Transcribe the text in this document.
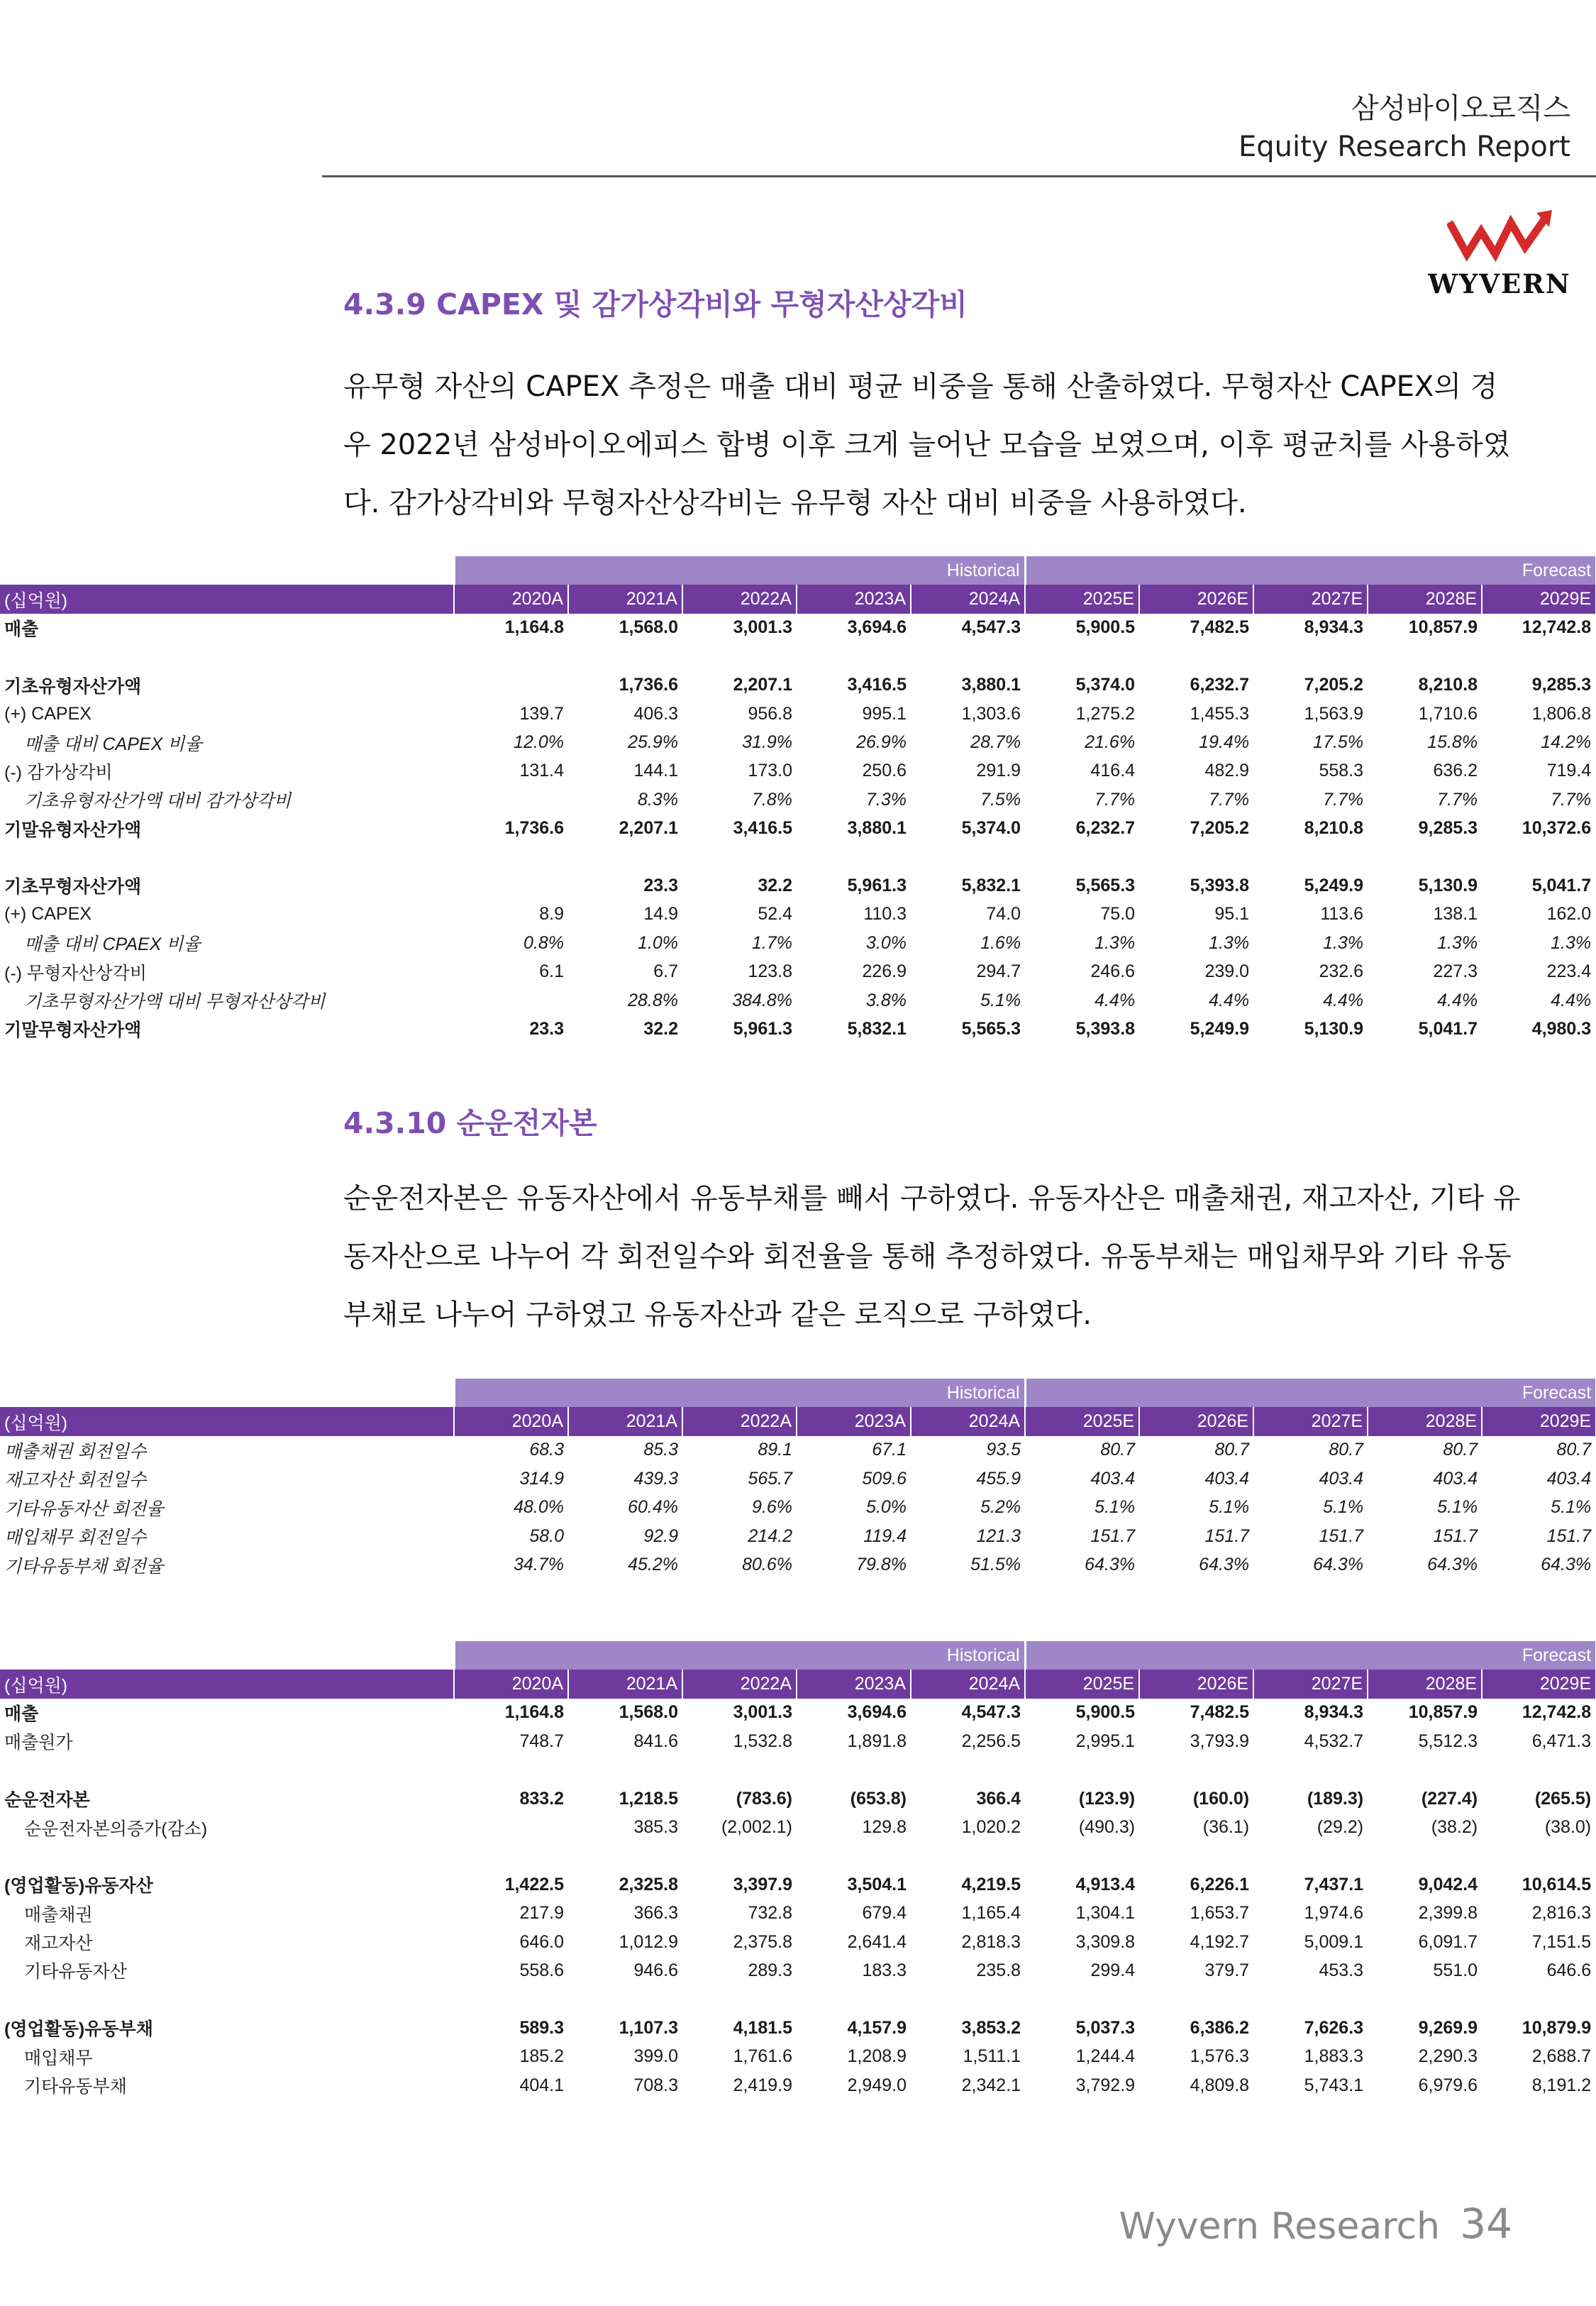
삼성바이오로직스
Equity Research Report
WYVERN
4.3.9 CAPEX 및 감가상각비와 무형자산상각비

유무형 자산의 CAPEX 추정은 매출 대비 평균 비중을 통해 산출하였다. 무형자산 CAPEX의 경우 2022년 삼성바이오에피스 합병 이후 크게 늘어난 모습을 보였으며, 이후 평균치를 사용하였다. 감가상각비와 무형자산상각비는 유무형 자산 대비 비중을 사용하였다.

	Historical					Forecast				
(십억원)	2020A	2021A	2022A	2023A	2024A	2025E	2026E	2027E	2028E	2029E
매출	1,164.8	1,568.0	3,001.3	3,694.6	4,547.3	5,900.5	7,482.5	8,934.3	10,857.9	12,742.8

기초유형자산가액		1,736.6	2,207.1	3,416.5	3,880.1	5,374.0	6,232.7	7,205.2	8,210.8	9,285.3
(+) CAPEX	139.7	406.3	956.8	995.1	1,303.6	1,275.2	1,455.3	1,563.9	1,710.6	1,806.8
매출 대비 CAPEX 비율	12.0%	25.9%	31.9%	26.9%	28.7%	21.6%	19.4%	17.5%	15.8%	14.2%
(-) 감가상각비	131.4	144.1	173.0	250.6	291.9	416.4	482.9	558.3	636.2	719.4
기초유형자산가액 대비 감가상각비		8.3%	7.8%	7.3%	7.5%	7.7%	7.7%	7.7%	7.7%	7.7%
기말유형자산가액	1,736.6	2,207.1	3,416.5	3,880.1	5,374.0	6,232.7	7,205.2	8,210.8	9,285.3	10,372.6

기초무형자산가액		23.3	32.2	5,961.3	5,832.1	5,565.3	5,393.8	5,249.9	5,130.9	5,041.7
(+) CAPEX	8.9	14.9	52.4	110.3	74.0	75.0	95.1	113.6	138.1	162.0
매출 대비 CPAEX 비율	0.8%	1.0%	1.7%	3.0%	1.6%	1.3%	1.3%	1.3%	1.3%	1.3%
(-) 무형자산상각비	6.1	6.7	123.8	226.9	294.7	246.6	239.0	232.6	227.3	223.4
기초무형자산가액 대비 무형자산상각비		28.8%	384.8%	3.8%	5.1%	4.4%	4.4%	4.4%	4.4%	4.4%
기말무형자산가액	23.3	32.2	5,961.3	5,832.1	5,565.3	5,393.8	5,249.9	5,130.9	5,041.7	4,980.3
4.3.10 순운전자본

순운전자본은 유동자산에서 유동부채를 빼서 구하였다. 유동자산은 매출채권, 재고자산, 기타 유동자산으로 나누어 각 회전일수와 회전율을 통해 추정하였다. 유동부채는 매입채무와 기타 유동부채로 나누어 구하였고 유동자산과 같은 로직으로 구하였다.

	Historical					Forecast				
(십억원)	2020A	2021A	2022A	2023A	2024A	2025E	2026E	2027E	2028E	2029E
매출채권 회전일수	68.3	85.3	89.1	67.1	93.5	80.7	80.7	80.7	80.7	80.7
재고자산 회전일수	314.9	439.3	565.7	509.6	455.9	403.4	403.4	403.4	403.4	403.4
기타유동자산 회전율	48.0%	60.4%	9.6%	5.0%	5.2%	5.1%	5.1%	5.1%	5.1%	5.1%
매입채무 회전일수	58.0	92.9	214.2	119.4	121.3	151.7	151.7	151.7	151.7	151.7
기타유동부채 회전율	34.7%	45.2%	80.6%	79.8%	51.5%	64.3%	64.3%	64.3%	64.3%	64.3%
	Historical					Forecast				
(십억원)	2020A	2021A	2022A	2023A	2024A	2025E	2026E	2027E	2028E	2029E
매출	1,164.8	1,568.0	3,001.3	3,694.6	4,547.3	5,900.5	7,482.5	8,934.3	10,857.9	12,742.8
매출원가	748.7	841.6	1,532.8	1,891.8	2,256.5	2,995.1	3,793.9	4,532.7	5,512.3	6,471.3

순운전자본	833.2	1,218.5	(783.6)	(653.8)	366.4	(123.9)	(160.0)	(189.3)	(227.4)	(265.5)
순운전자본의증가(감소)		385.3	(2,002.1)	129.8	1,020.2	(490.3)	(36.1)	(29.2)	(38.2)	(38.0)

(영업활동)유동자산	1,422.5	2,325.8	3,397.9	3,504.1	4,219.5	4,913.4	6,226.1	7,437.1	9,042.4	10,614.5
매출채권	217.9	366.3	732.8	679.4	1,165.4	1,304.1	1,653.7	1,974.6	2,399.8	2,816.3
재고자산	646.0	1,012.9	2,375.8	2,641.4	2,818.3	3,309.8	4,192.7	5,009.1	6,091.7	7,151.5
기타유동자산	558.6	946.6	289.3	183.3	235.8	299.4	379.7	453.3	551.0	646.6

(영업활동)유동부채	589.3	1,107.3	4,181.5	4,157.9	3,853.2	5,037.3	6,386.2	7,626.3	9,269.9	10,879.9
매입채무	185.2	399.0	1,761.6	1,208.9	1,511.1	1,244.4	1,576.3	1,883.3	2,290.3	2,688.7
기타유동부채	404.1	708.3	2,419.9	2,949.0	2,342.1	3,792.9	4,809.8	5,743.1	6,979.6	8,191.2
Wyvern Research 34
